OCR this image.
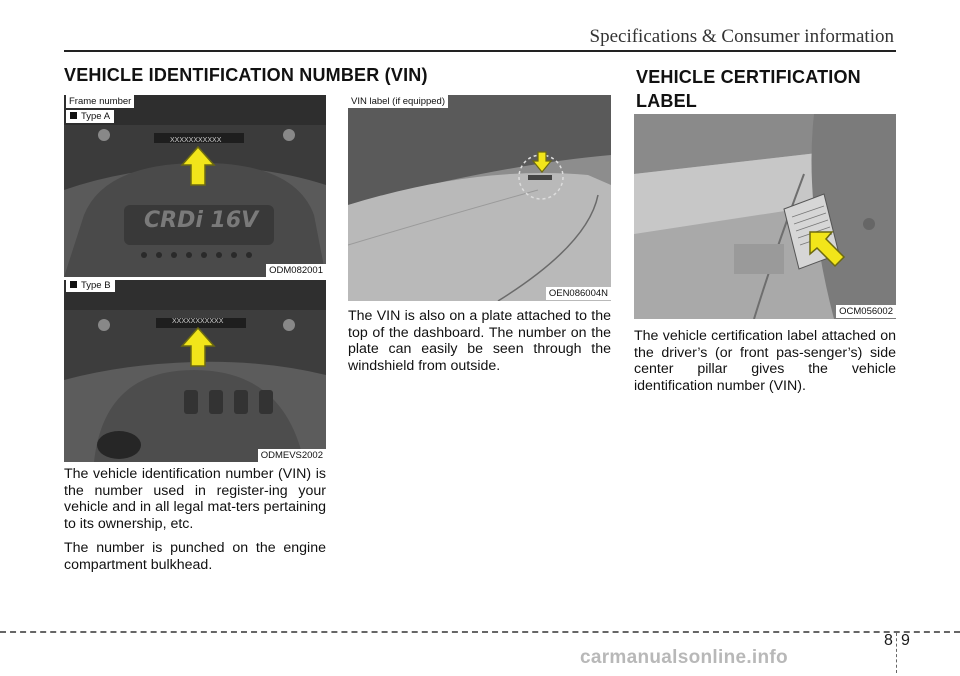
Specifications & Consumer information
VEHICLE IDENTIFICATION NUMBER (VIN)	VEHICLE CERTIFICATION
LABEL
CRDi 16V
Frame number
Type A
XXXXXXXXXXX
ODM082001
Type B
XXXXXXXXXXX
ODMEVS2002
The vehicle identification number (VIN) is the number used in register-ing your vehicle and in all legal mat-ters pertaining to its ownership, etc.
The number is punched on the engine compartment bulkhead.
VIN label (if equipped)
OEN086004N
The VIN is also on a plate attached to the top of the dashboard. The number on the plate can easily be seen through the windshield from outside.
OCM056002
The vehicle certification label attached on the driver’s (or front pas-senger’s) side center pillar gives the vehicle identification number (VIN).
8 9
carmanualsonline.info
